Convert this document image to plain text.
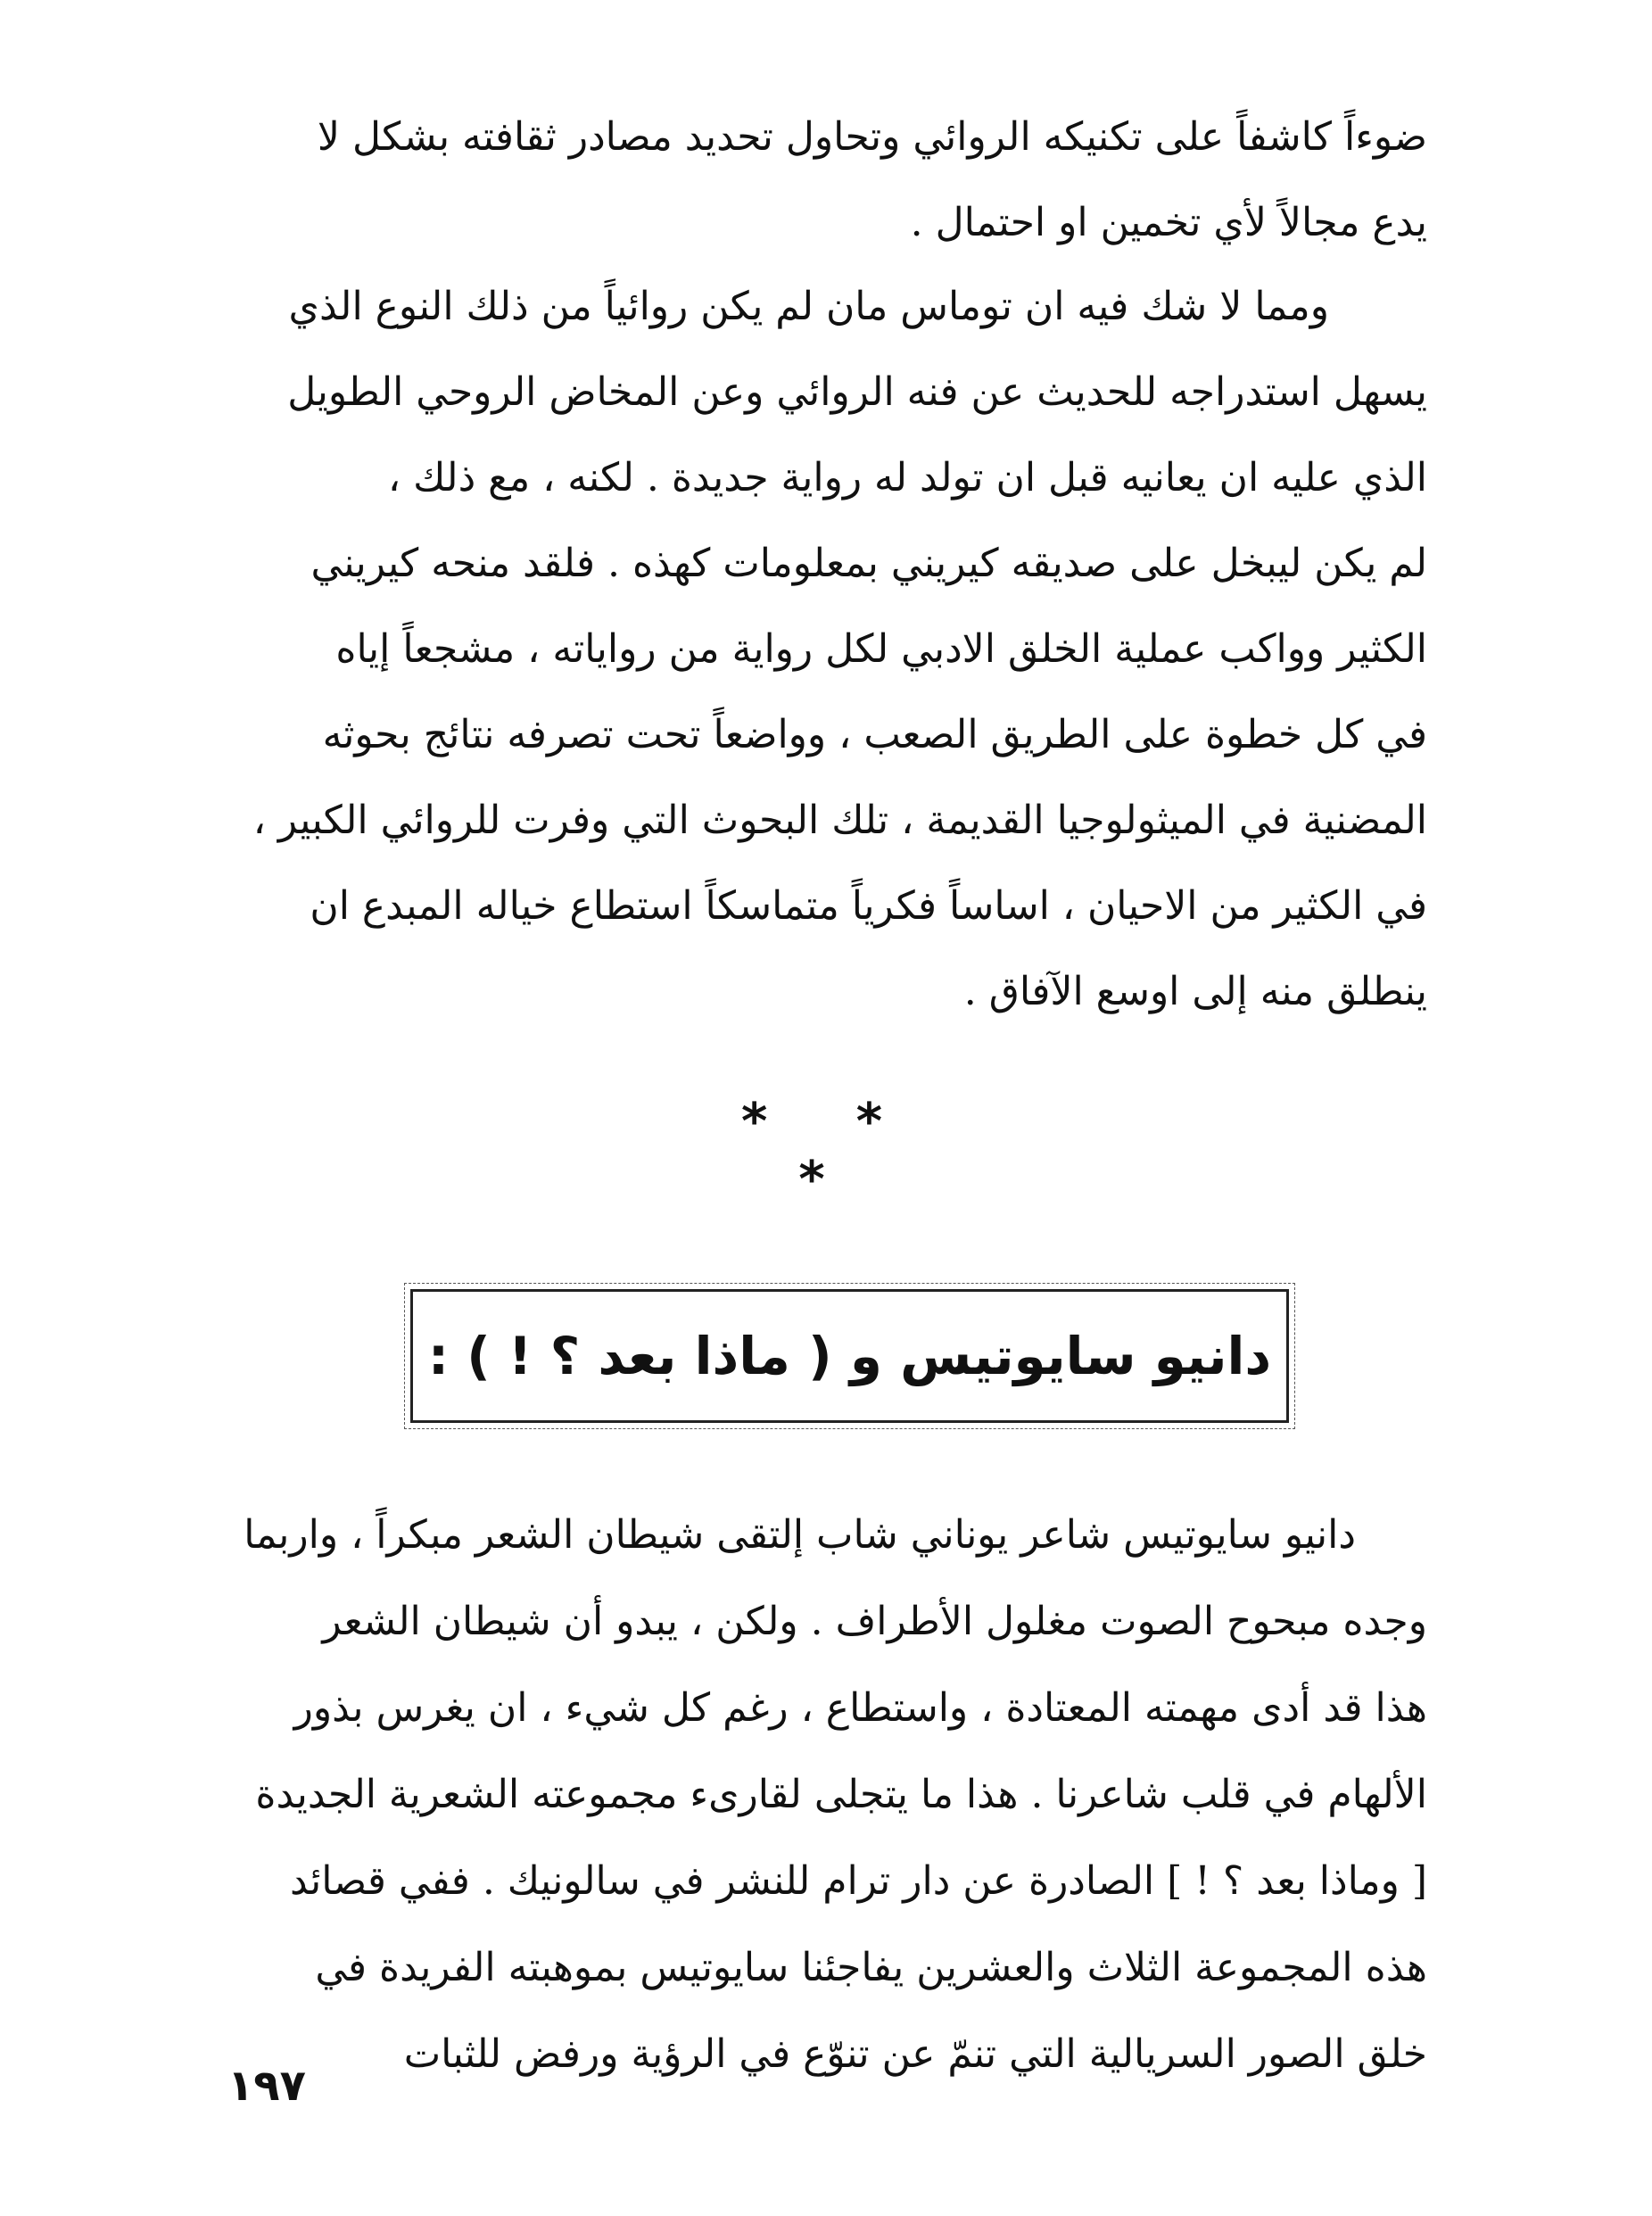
ضوءاً كاشفاً على تكنيكه الروائي وتحاول تحديد مصادر ثقافته بشكل لا
يدع مجالاً لأي تخمين او احتمال .
ومما لا شك فيه ان توماس مان لم يكن روائياً من ذلك النوع الذي
يسهل استدراجه للحديث عن فنه الروائي وعن المخاض الروحي الطويل
الذي عليه ان يعانيه قبل ان تولد له رواية جديدة . لكنه ، مع ذلك ،
لم يكن ليبخل على صديقه كيريني بمعلومات كهذه . فلقد منحه كيريني
الكثير وواكب عملية الخلق الادبي لكل رواية من رواياته ، مشجعاً إياه
في كل خطوة على الطريق الصعب ، وواضعاً تحت تصرفه نتائج بحوثه
المضنية في الميثولوجيا القديمة ، تلك البحوث التي وفرت للروائي الكبير ،
في الكثير من الاحيان ، اساساً فكرياً متماسكاً استطاع خياله المبدع ان
ينطلق منه إلى اوسع الآفاق .
* * *
دانيو سايوتيس و ( ماذا بعد ؟ ! ) :
دانيو سايوتيس شاعر يوناني شاب إلتقى شيطان الشعر مبكراً ، واربما
وجده مبحوح الصوت مغلول الأطراف . ولكن ، يبدو أن شيطان الشعر
هذا قد أدى مهمته المعتادة ، واستطاع ، رغم كل شيء ، ان يغرس بذور
الألهام في قلب شاعرنا . هذا ما يتجلى لقارىء مجموعته الشعرية الجديدة
[ وماذا بعد ؟ ! ] الصادرة عن دار ترام للنشر في سالونيك . ففي قصائد
هذه المجموعة الثلاث والعشرين يفاجئنا سايوتيس بموهبته الفريدة في
خلق الصور السريالية التي تنمّ عن تنوّع في الرؤية ورفض للثبات
١٩٧
